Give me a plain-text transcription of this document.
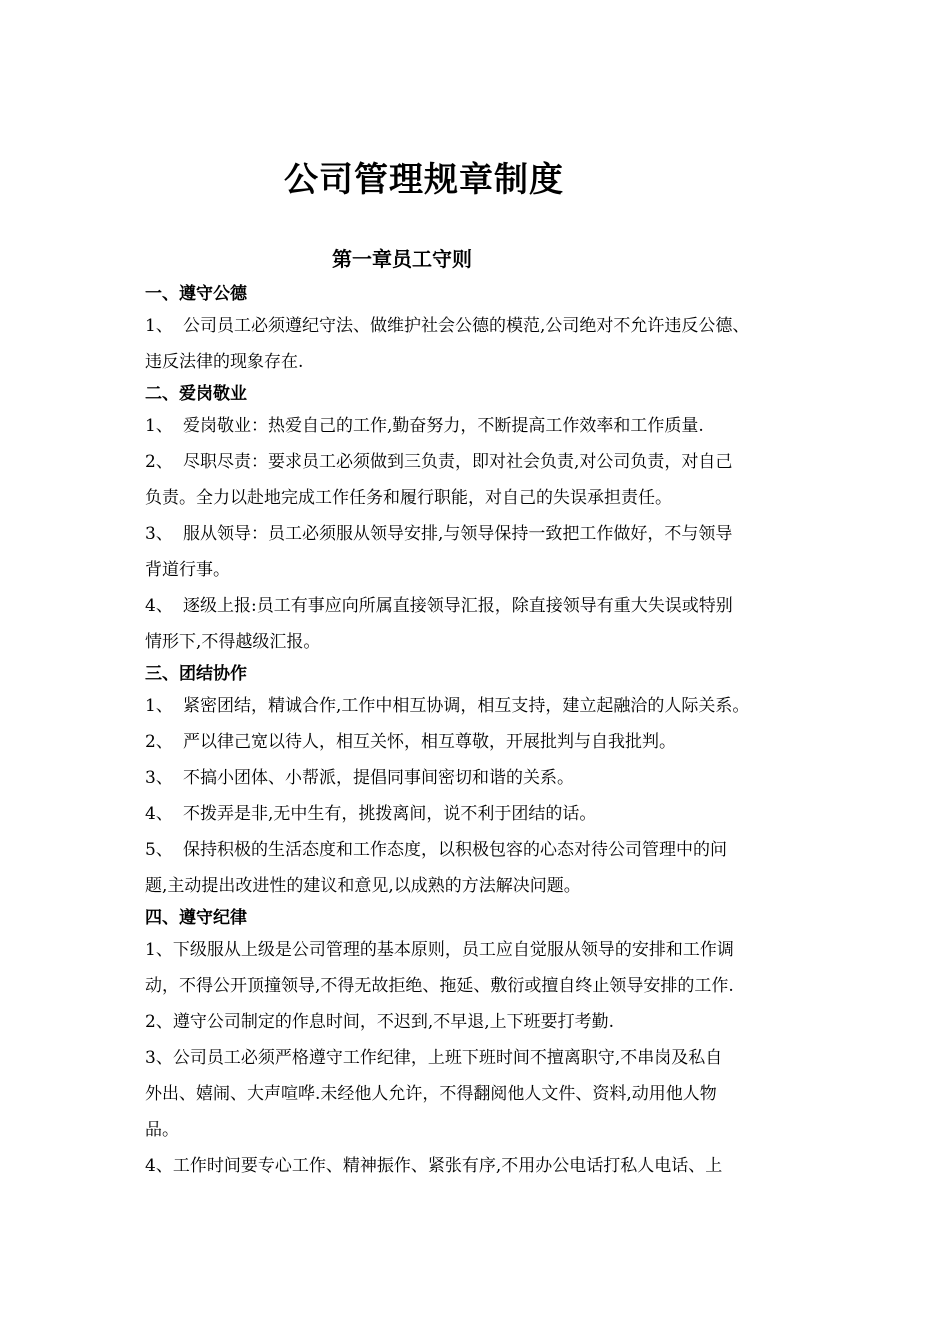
公司管理规章制度
第一章员工守则
一、遵守公德
1、 公司员工必须遵纪守法、做维护社会公德的模范,公司绝对不允许违反公德、
违反法律的现象存在.
二、爱岗敬业
1、 爱岗敬业：热爱自己的工作,勤奋努力，不断提高工作效率和工作质量.
2、 尽职尽责：要求员工必须做到三负责，即对社会负责,对公司负责，对自己
负责。全力以赴地完成工作任务和履行职能，对自己的失误承担责任。
3、 服从领导：员工必须服从领导安排,与领导保持一致把工作做好，不与领导
背道行事。
4、 逐级上报:员工有事应向所属直接领导汇报，除直接领导有重大失误或特别
情形下,不得越级汇报。
三、团结协作
1、 紧密团结，精诚合作,工作中相互协调，相互支持，建立起融洽的人际关系。
2、 严以律己宽以待人，相互关怀，相互尊敬，开展批判与自我批判。
3、 不搞小团体、小帮派，提倡同事间密切和谐的关系。
4、 不拨弄是非,无中生有，挑拨离间，说不利于团结的话。
5、 保持积极的生活态度和工作态度，以积极包容的心态对待公司管理中的问
题,主动提出改进性的建议和意见,以成熟的方法解决问题。
四、遵守纪律
1、下级服从上级是公司管理的基本原则，员工应自觉服从领导的安排和工作调
动，不得公开顶撞领导,不得无故拒绝、拖延、敷衍或擅自终止领导安排的工作.
2、遵守公司制定的作息时间，不迟到,不早退,上下班要打考勤.
3、公司员工必须严格遵守工作纪律，上班下班时间不擅离职守,不串岗及私自
外出、嬉闹、大声喧哗.未经他人允许，不得翻阅他人文件、资料,动用他人物
品。
4、工作时间要专心工作、精神振作、紧张有序,不用办公电话打私人电话、上
